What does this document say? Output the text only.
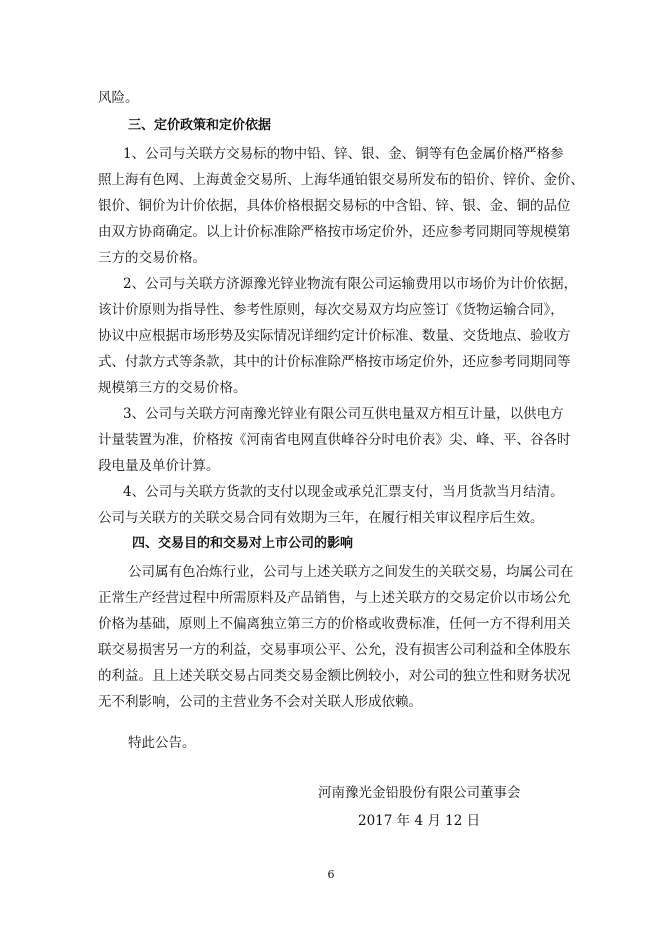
风险。
三、定价政策和定价依据
1、公司与关联方交易标的物中铅、锌、银、金、铜等有色金属价格严格参
照上海有色网、上海黄金交易所、上海华通铂银交易所发布的铅价、锌价、金价、
银价、铜价为计价依据，具体价格根据交易标的中含铅、锌、银、金、铜的品位
由双方协商确定。以上计价标准除严格按市场定价外，还应参考同期同等规模第
三方的交易价格。
2、公司与关联方济源豫光锌业物流有限公司运输费用以市场价为计价依据，
该计价原则为指导性、参考性原则，每次交易双方均应签订《货物运输合同》，
协议中应根据市场形势及实际情况详细约定计价标准、数量、交货地点、验收方
式、付款方式等条款，其中的计价标准除严格按市场定价外，还应参考同期同等
规模第三方的交易价格。
3、公司与关联方河南豫光锌业有限公司互供电量双方相互计量，以供电方
计量装置为准，价格按《河南省电网直供峰谷分时电价表》尖、峰、平、谷各时
段电量及单价计算。
4、公司与关联方货款的支付以现金或承兑汇票支付，当月货款当月结清。
公司与关联方的关联交易合同有效期为三年，在履行相关审议程序后生效。
四、交易目的和交易对上市公司的影响
公司属有色冶炼行业，公司与上述关联方之间发生的关联交易，均属公司在
正常生产经营过程中所需原料及产品销售，与上述关联方的交易定价以市场公允
价格为基础，原则上不偏离独立第三方的价格或收费标准，任何一方不得利用关
联交易损害另一方的利益，交易事项公平、公允，没有损害公司利益和全体股东
的利益。且上述关联交易占同类交易金额比例较小，对公司的独立性和财务状况
无不利影响，公司的主营业务不会对关联人形成依赖。
特此公告。
河南豫光金铅股份有限公司董事会
2017 年 4 月 12 日
6
